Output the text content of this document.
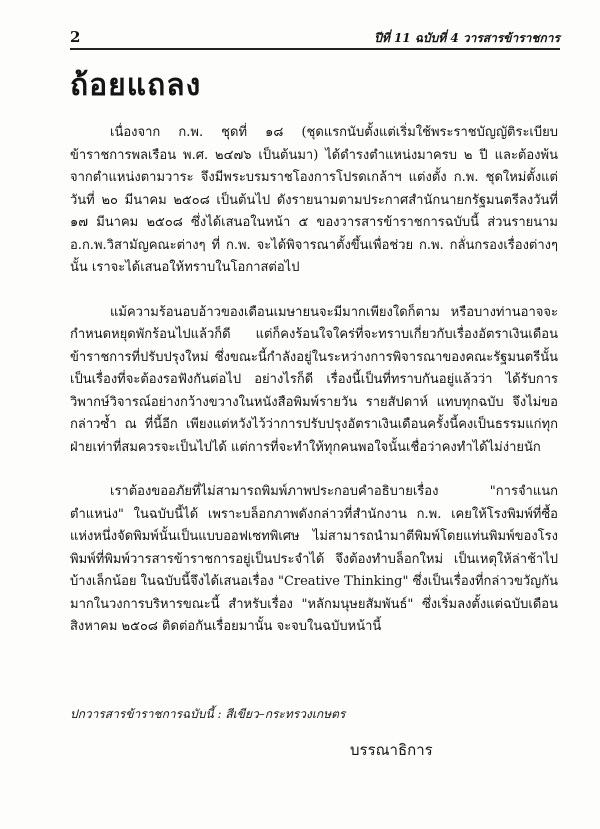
2	ปีที่ 11 ฉบับที่ 4 วารสารข้าราชการ
ถ้อยแถลง

เนื่องจาก ก.พ. ชุดที่ ๑๘ (ชุดแรกนับตั้งแต่เริ่มใช้พระราชบัญญัติระเบียบข้าราชการพลเรือน พ.ศ. ๒๔๗๖ เป็นต้นมา) ได้ดำรงตำแหน่งมาครบ ๒ ปี และต้องพ้นจากตำแหน่งตามวาระ จึงมีพระบรมราชโองการโปรดเกล้าฯ แต่งตั้ง ก.พ. ชุดใหม่ตั้งแต่วันที่ ๒๐ มีนาคม ๒๕๐๘ เป็นต้นไป ดังรายนามตามประกาศสำนักนายกรัฐมนตรีลงวันที่ ๑๗ มีนาคม ๒๕๐๘ ซึ่งได้เสนอในหน้า ๕ ของวารสารข้าราชการฉบับนี้ ส่วนรายนาม อ.ก.พ.วิสามัญคณะต่างๆ ที่ ก.พ. จะได้พิจารณาตั้งขึ้นเพื่อช่วย ก.พ. กลั่นกรองเรื่องต่างๆ นั้น เราจะได้เสนอให้ทราบในโอกาสต่อไป

แม้ความร้อนอบอ้าวของเดือนเมษายนจะมีมากเพียงใดก็ตาม หรือบางท่านอาจจะกำหนดหยุดพักร้อนไปแล้วก็ดี แต่ก็คงร้อนใจใคร่ที่จะทราบเกี่ยวกับเรื่องอัตราเงินเดือนข้าราชการที่ปรับปรุงใหม่ ซึ่งขณะนี้กำลังอยู่ในระหว่างการพิจารณาของคณะรัฐมนตรีนั้น เป็นเรื่องที่จะต้องรอฟังกันต่อไป อย่างไรก็ดี เรื่องนี้เป็นที่ทราบกันอยู่แล้วว่า ได้รับการวิพากษ์วิจารณ์อย่างกว้างขวางในหนังสือพิมพ์รายวัน รายสัปดาห์ แทบทุกฉบับ จึงไม่ขอกล่าวซ้ำ ณ ที่นี้อีก เพียงแต่หวังไว้ว่าการปรับปรุงอัตราเงินเดือนครั้งนี้คงเป็นธรรมแก่ทุกฝ่ายเท่าที่สมควรจะเป็นไปได้ แต่การที่จะทำให้ทุกคนพอใจนั้นเชื่อว่าคงทำได้ไม่ง่ายนัก

เราต้องขออภัยที่ไม่สามารถพิมพ์ภาพประกอบคำอธิบายเรื่อง "การจำแนกตำแหน่ง" ในฉบับนี้ได้ เพราะบล็อกภาพดังกล่าวที่สำนักงาน ก.พ. เคยให้โรงพิมพ์ที่ซื้อแห่งหนึ่งจัดพิมพ์นั้นเป็นแบบออฟเซทพิเศษ ไม่สามารถนำมาตีพิมพ์โดยแท่นพิมพ์ของโรงพิมพ์ที่พิมพ์วารสารข้าราชการอยู่เป็นประจำได้ จึงต้องทำบล็อกใหม่ เป็นเหตุให้ล่าช้าไปบ้างเล็กน้อย ในฉบับนี้จึงได้เสนอเรื่อง "Creative Thinking" ซึ่งเป็นเรื่องที่กล่าวขวัญกันมากในวงการบริหารขณะนี้ สำหรับเรื่อง "หลักมนุษยสัมพันธ์" ซึ่งเริ่มลงตั้งแต่ฉบับเดือนสิงหาคม ๒๕๐๘ ติดต่อกันเรื่อยมานั้น จะจบในฉบับหน้านี้

ปกวารสารข้าราชการฉบับนี้ : สีเขียว–กระทรวงเกษตร
บรรณาธิการ
